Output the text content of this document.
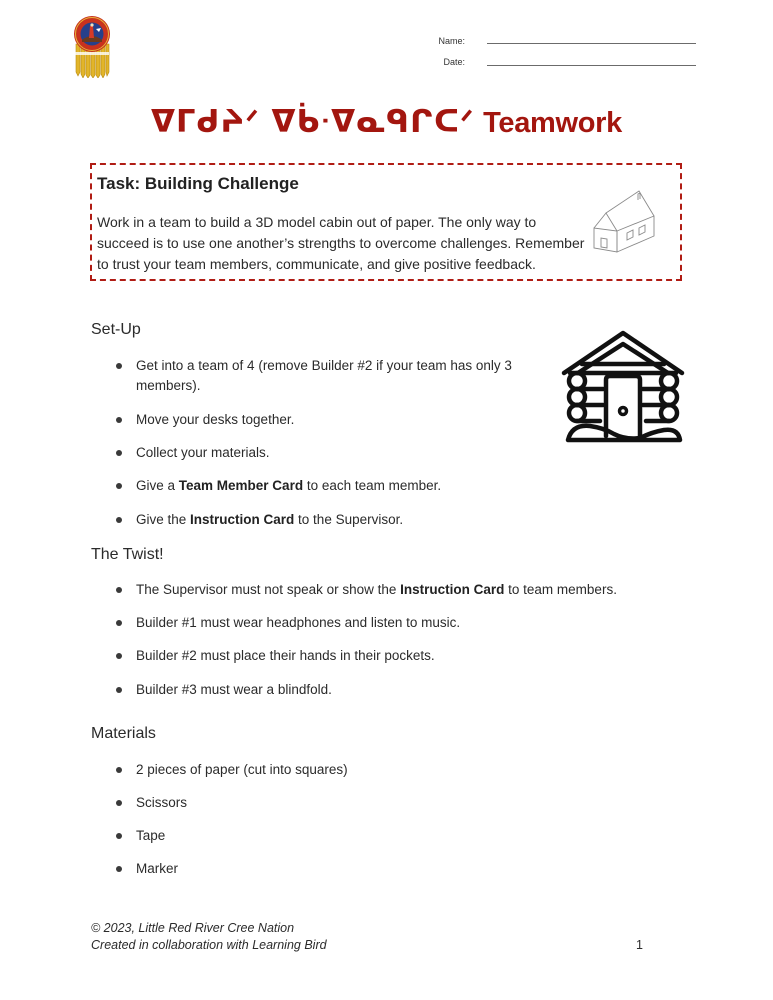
Name:
Date:
ᐁᒥᑯᔨᐟ ᐁᑳᐧᐁᓇᑫᒋᑕᐟ Teamwork
Task: Building Challenge
Work in a team to build a 3D model cabin out of paper. The only way to succeed is to use one another’s strengths to overcome challenges. Remember to trust your team members, communicate, and give positive feedback.
Set-Up
Get into a team of 4 (remove Builder #2 if your team has only 3 members).
Move your desks together.
Collect your materials.
Give a Team Member Card to each team member.
Give the Instruction Card to the Supervisor.
The Twist!
The Supervisor must not speak or show the Instruction Card to team members.
Builder #1 must wear headphones and listen to music.
Builder #2 must place their hands in their pockets.
Builder #3 must wear a blindfold.
Materials
2 pieces of paper (cut into squares)
Scissors
Tape
Marker
© 2023, Little Red River Cree Nation
Created in collaboration with Learning Bird	1
